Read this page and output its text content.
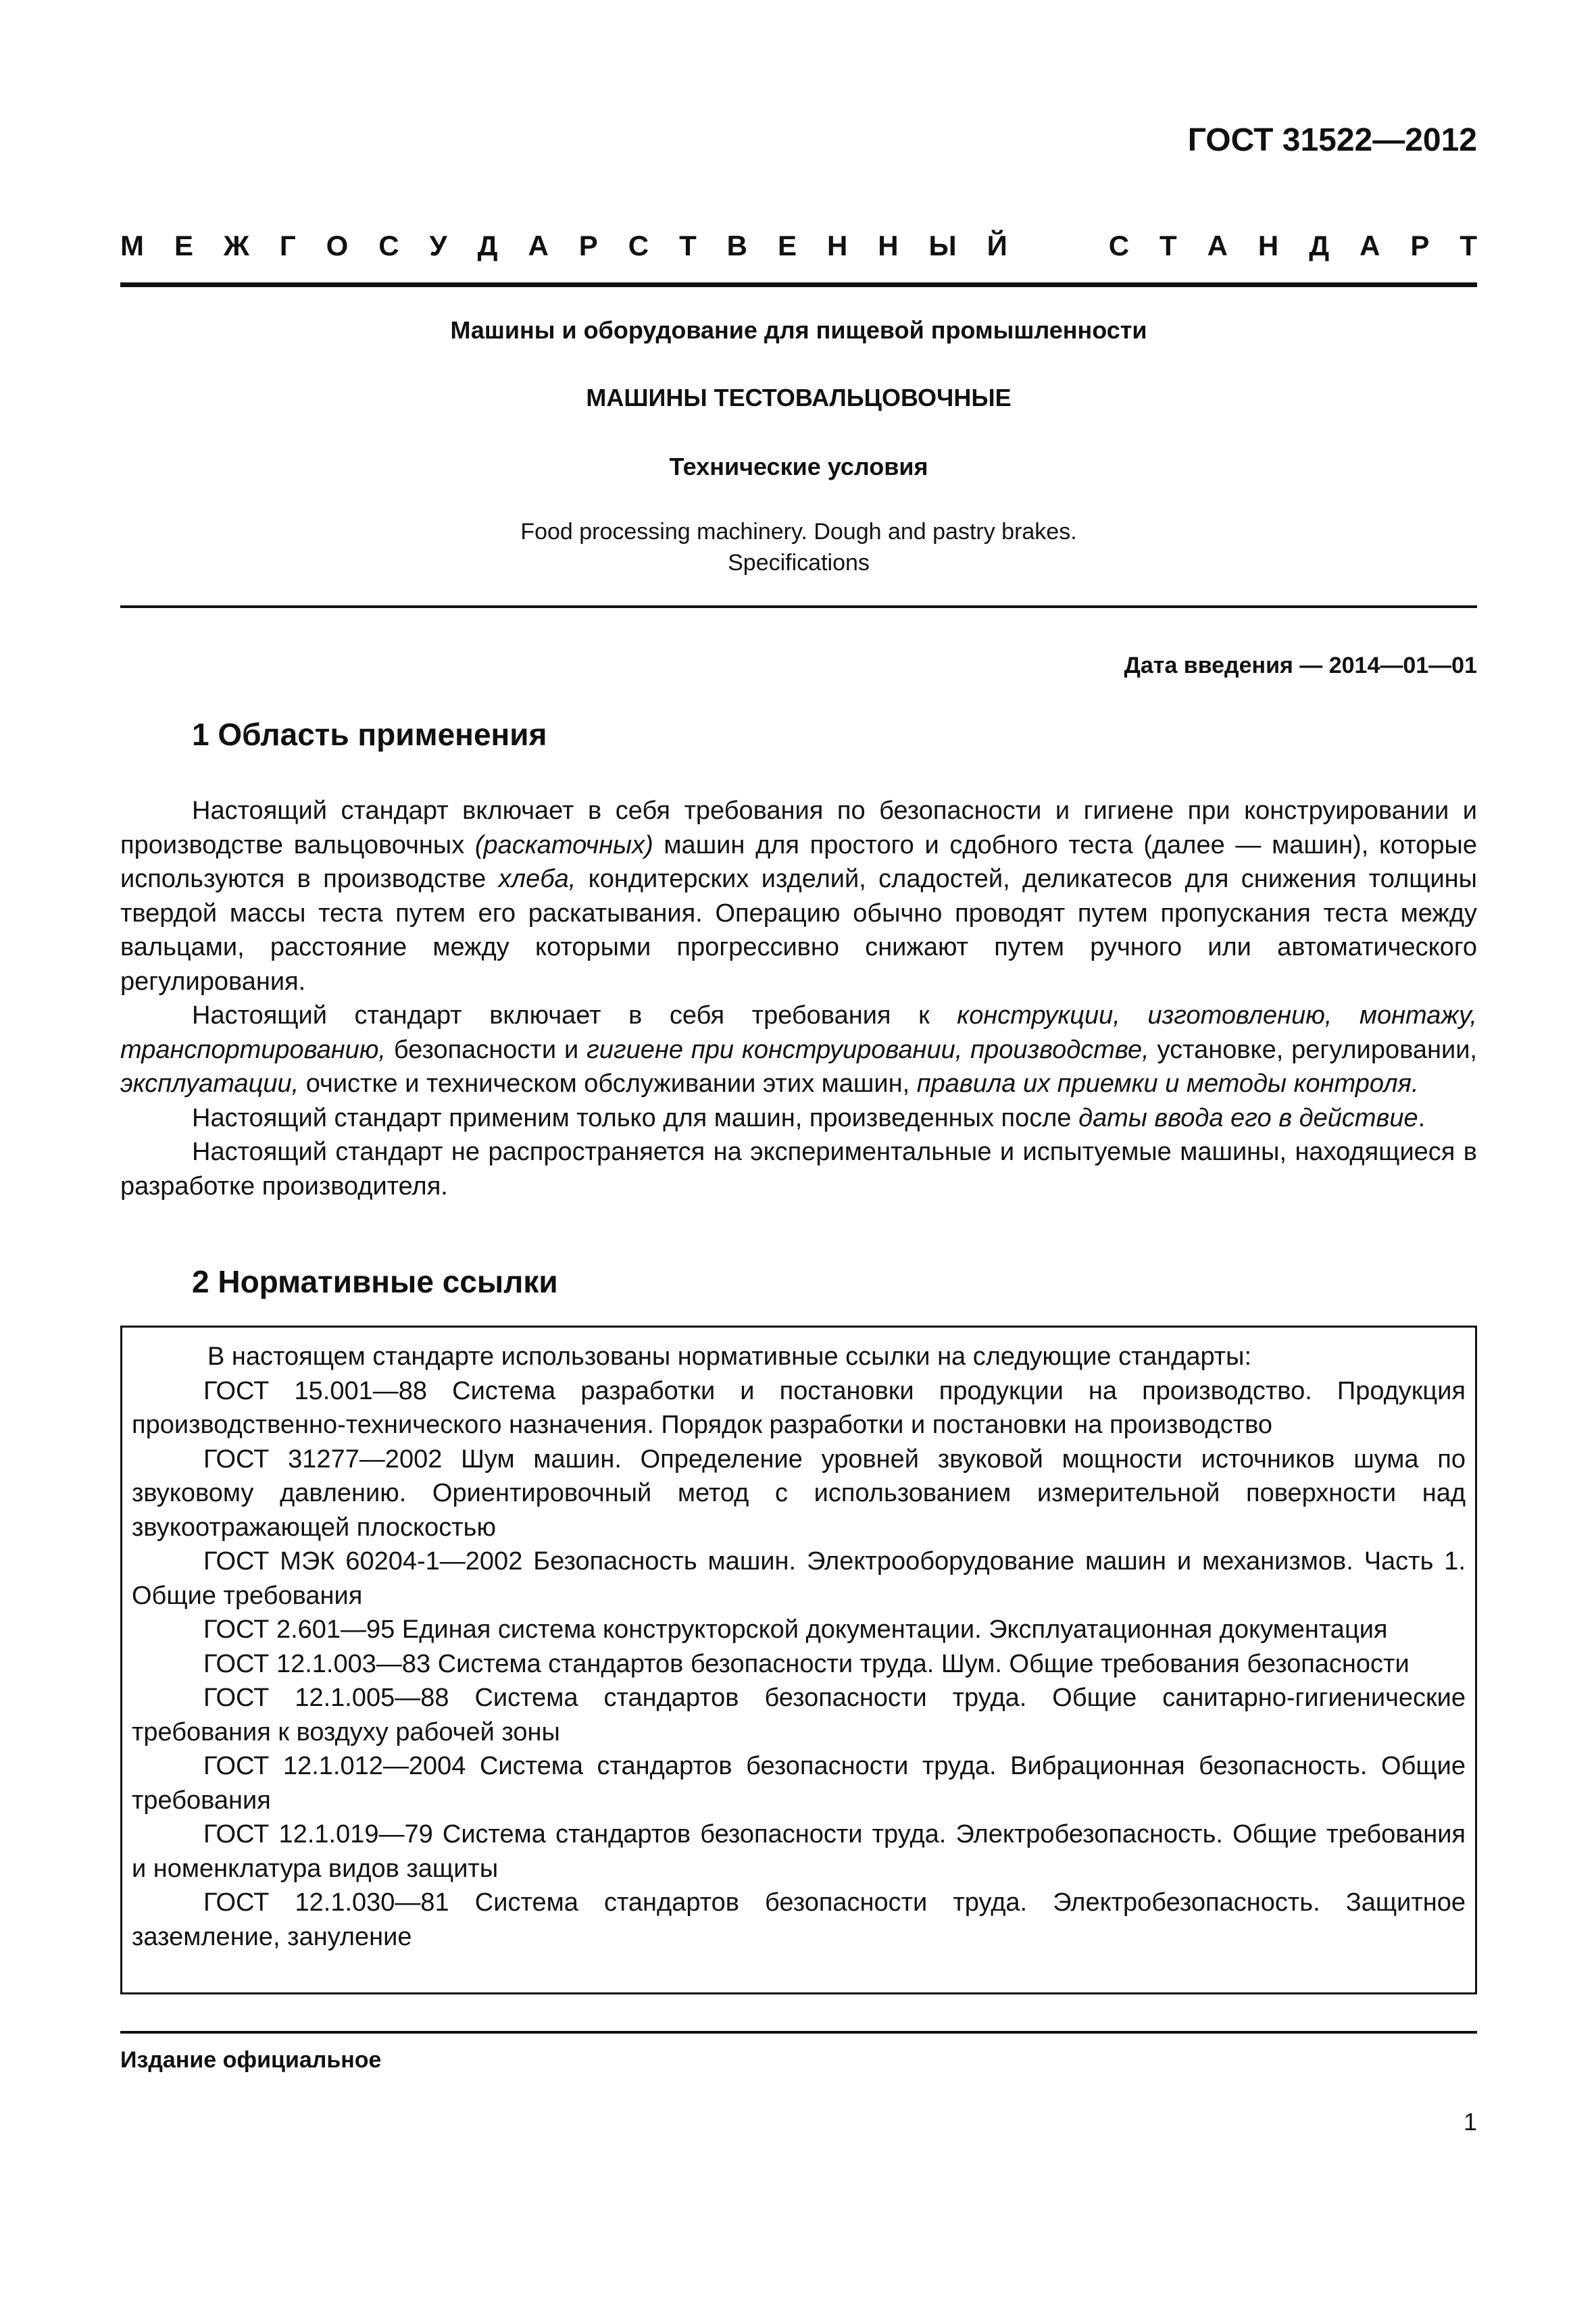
ГОСТ 31522—2012
М Е Ж Г О С У Д А Р С Т В Е Н Н Ы Й	С Т А Н Д А Р Т
Машины и оборудование для пищевой промышленности
МАШИНЫ ТЕСТОВАЛЬЦОВОЧНЫЕ
Технические условия
Food processing machinery. Dough and pastry brakes.
Specifications
Дата введения — 2014—01—01
1 Область применения

Настоящий стандарт включает в себя требования по безопасности и гигиене при конструировании и производстве вальцовочных (раскаточных) машин для простого и сдобного теста (далее — машин), которые используются в производстве хлеба, кондитерских изделий, сладостей, деликатесов для снижения толщины твердой массы теста путем его раскатывания. Операцию обычно проводят путем пропускания теста между вальцами, расстояние между которыми прогрессивно снижают путем ручного или автоматического регулирования.

Настоящий стандарт включает в себя требования к конструкции, изготовлению, монтажу, транспортированию, безопасности и гигиене при конструировании, производстве, установке, регулировании, эксплуатации, очистке и техническом обслуживании этих машин, правила их приемки и методы контроля.

Настоящий стандарт применим только для машин, произведенных после даты ввода его в действие.

Настоящий стандарт не распространяется на экспериментальные и испытуемые машины, находящиеся в разработке производителя.

2 Нормативные ссылки

В настоящем стандарте использованы нормативные ссылки на следующие стандарты:

ГОСТ 15.001—88 Система разработки и постановки продукции на производство. Продукция производственно-технического назначения. Порядок разработки и постановки на производство

ГОСТ 31277—2002 Шум машин. Определение уровней звуковой мощности источников шума по звуковому давлению. Ориентировочный метод с использованием измерительной поверхности над звукоотражающей плоскостью

ГОСТ МЭК 60204-1—2002 Безопасность машин. Электрооборудование машин и механизмов. Часть 1. Общие требования

ГОСТ 2.601—95 Единая система конструкторской документации. Эксплуатационная документация

ГОСТ 12.1.003—83 Система стандартов безопасности труда. Шум. Общие требования безопасности

ГОСТ 12.1.005—88 Система стандартов безопасности труда. Общие санитарно-гигиенические требования к воздуху рабочей зоны

ГОСТ 12.1.012—2004 Система стандартов безопасности труда. Вибрационная безопасность. Общие требования

ГОСТ 12.1.019—79 Система стандартов безопасности труда. Электробезопасность. Общие требования и номенклатура видов защиты

ГОСТ 12.1.030—81 Система стандартов безопасности труда. Электробезопасность. Защитное заземление, зануление

Издание официальное
1
